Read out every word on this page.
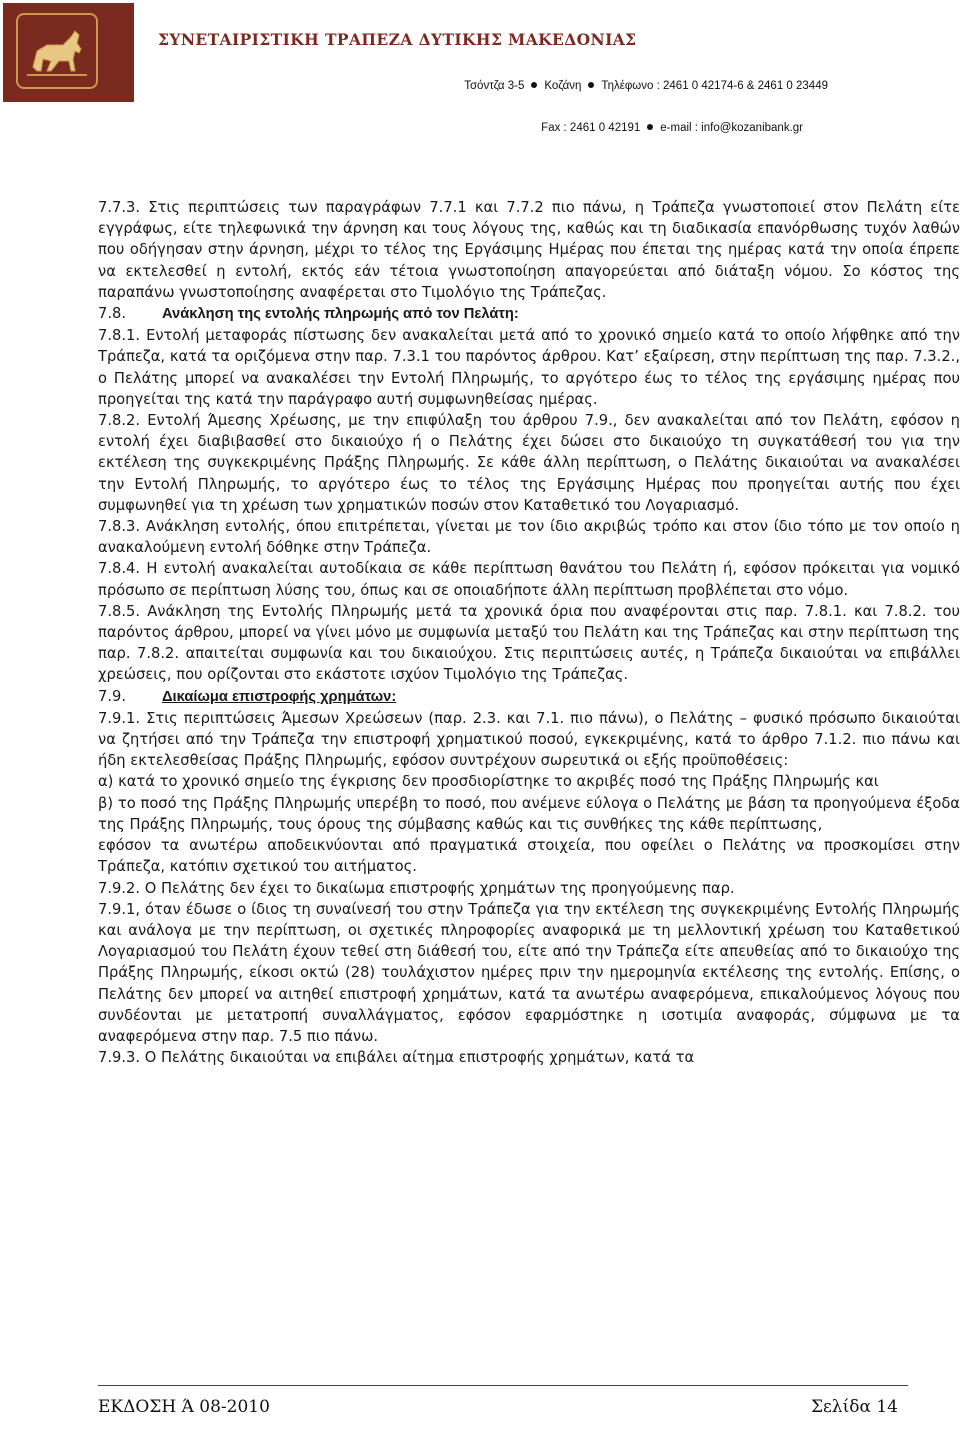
ΣΥΝΕΤΑΙΡΙΣΤΙΚΗ ΤΡΑΠΕΖΑ ΔΥΤΙΚΗΣ ΜΑΚΕΔΟΝΙΑΣ
Τσόντζα 3-5 Κοζάνη Τηλέφωνο : 2461 0 42174-6 & 2461 0 23449
Fax : 2461 0 42191 e-mail : info@kozanibank.gr

7.7.3. Στις περιπτώσεις των παραγράφων 7.7.1 και 7.7.2 πιο πάνω, η Τράπεζα γνωστοποιεί στον Πελάτη είτε εγγράφως, είτε τηλεφωνικά την άρνηση και τους λόγους της, καθώς και τη διαδικασία επανόρθωσης τυχόν λαθών που οδήγησαν στην άρνηση, μέχρι το τέλος της Εργάσιμης Ημέρας που έπεται της ημέρας κατά την οποία έπρεπε να εκτελεσθεί η εντολή, εκτός εάν τέτοια γνωστοποίηση απαγορεύεται από διάταξη νόμου. Σο κόστος της παραπάνω γνωστοποίησης αναφέρεται στο Τιμολόγιο της Τράπεζας.

7.8. Ανάκληση της εντολής πληρωμής από τον Πελάτη:

7.8.1. Εντολή μεταφοράς πίστωσης δεν ανακαλείται μετά από το χρονικό σημείο κατά το οποίο λήφθηκε από την Τράπεζα, κατά τα οριζόμενα στην παρ. 7.3.1 του παρόντος άρθρου. Κατ’ εξαίρεση, στην περίπτωση της παρ. 7.3.2., ο Πελάτης μπορεί να ανακαλέσει την Εντολή Πληρωμής, το αργότερο έως το τέλος της εργάσιμης ημέρας που προηγείται της κατά την παράγραφο αυτή συμφωνηθείσας ημέρας.

7.8.2. Εντολή Άμεσης Χρέωσης, με την επιφύλαξη του άρθρου 7.9., δεν ανακαλείται από τον Πελάτη, εφόσον η εντολή έχει διαβιβασθεί στο δικαιούχο ή ο Πελάτης έχει δώσει στο δικαιούχο τη συγκατάθεσή του για την εκτέλεση της συγκεκριμένης Πράξης Πληρωμής. Σε κάθε άλλη περίπτωση, ο Πελάτης δικαιούται να ανακαλέσει την Εντολή Πληρωμής, το αργότερο έως το τέλος της Εργάσιμης Ημέρας που προηγείται αυτής που έχει συμφωνηθεί για τη χρέωση των χρηματικών ποσών στον Καταθετικό του Λογαριασμό.

7.8.3. Ανάκληση εντολής, όπου επιτρέπεται, γίνεται με τον ίδιο ακριβώς τρόπο και στον ίδιο τόπο με τον οποίο η ανακαλούμενη εντολή δόθηκε στην Τράπεζα.

7.8.4. Η εντολή ανακαλείται αυτοδίκαια σε κάθε περίπτωση θανάτου του Πελάτη ή, εφόσον πρόκειται για νομικό πρόσωπο σε περίπτωση λύσης του, όπως και σε οποιαδήποτε άλλη περίπτωση προβλέπεται στο νόμο.

7.8.5. Ανάκληση της Εντολής Πληρωμής μετά τα χρονικά όρια που αναφέρονται στις παρ. 7.8.1. και 7.8.2. του παρόντος άρθρου, μπορεί να γίνει μόνο με συμφωνία μεταξύ του Πελάτη και της Τράπεζας και στην περίπτωση της παρ. 7.8.2. απαιτείται συμφωνία και του δικαιούχου. Στις περιπτώσεις αυτές, η Τράπεζα δικαιούται να επιβάλλει χρεώσεις, που ορίζονται στο εκάστοτε ισχύον Τιμολόγιο της Τράπεζας.

7.9. Δικαίωμα επιστροφής χρημάτων:

7.9.1. Στις περιπτώσεις Άμεσων Χρεώσεων (παρ. 2.3. και 7.1. πιο πάνω), ο Πελάτης – φυσικό πρόσωπο δικαιούται να ζητήσει από την Τράπεζα την επιστροφή χρηματικού ποσού, εγκεκριμένης, κατά το άρθρο 7.1.2. πιο πάνω και ήδη εκτελεσθείσας Πράξης Πληρωμής, εφόσον συντρέχουν σωρευτικά οι εξής προϋποθέσεις:

α) κατά το χρονικό σημείο της έγκρισης δεν προσδιορίστηκε το ακριβές ποσό της Πράξης Πληρωμής και

β) το ποσό της Πράξης Πληρωμής υπερέβη το ποσό, που ανέμενε εύλογα ο Πελάτης με βάση τα προηγούμενα έξοδα της Πράξης Πληρωμής, τους όρους της σύμβασης καθώς και τις συνθήκες της κάθε περίπτωσης,

εφόσον τα ανωτέρω αποδεικνύονται από πραγματικά στοιχεία, που οφείλει ο Πελάτης να προσκομίσει στην Τράπεζα, κατόπιν σχετικού του αιτήματος.

7.9.2. Ο Πελάτης δεν έχει το δικαίωμα επιστροφής χρημάτων της προηγούμενης παρ.

7.9.1, όταν έδωσε ο ίδιος τη συναίνεσή του στην Τράπεζα για την εκτέλεση της συγκεκριμένης Εντολής Πληρωμής και ανάλογα με την περίπτωση, οι σχετικές πληροφορίες αναφορικά με τη μελλοντική χρέωση του Καταθετικού Λογαριασμού του Πελάτη έχουν τεθεί στη διάθεσή του, είτε από την Τράπεζα είτε απευθείας από το δικαιούχο της Πράξης Πληρωμής, είκοσι οκτώ (28) τουλάχιστον ημέρες πριν την ημερομηνία εκτέλεσης της εντολής. Επίσης, ο Πελάτης δεν μπορεί να αιτηθεί επιστροφή χρημάτων, κατά τα ανωτέρω αναφερόμενα, επικαλούμενος λόγους που συνδέονται με μετατροπή συναλλάγματος, εφόσον εφαρμόστηκε η ισοτιμία αναφοράς, σύμφωνα με τα αναφερόμενα στην παρ. 7.5 πιο πάνω.

7.9.3. Ο Πελάτης δικαιούται να επιβάλει αίτημα επιστροφής χρημάτων, κατά τα

ΕΚΔΟΣΗ Ά 08-2010	Σελίδα 14
